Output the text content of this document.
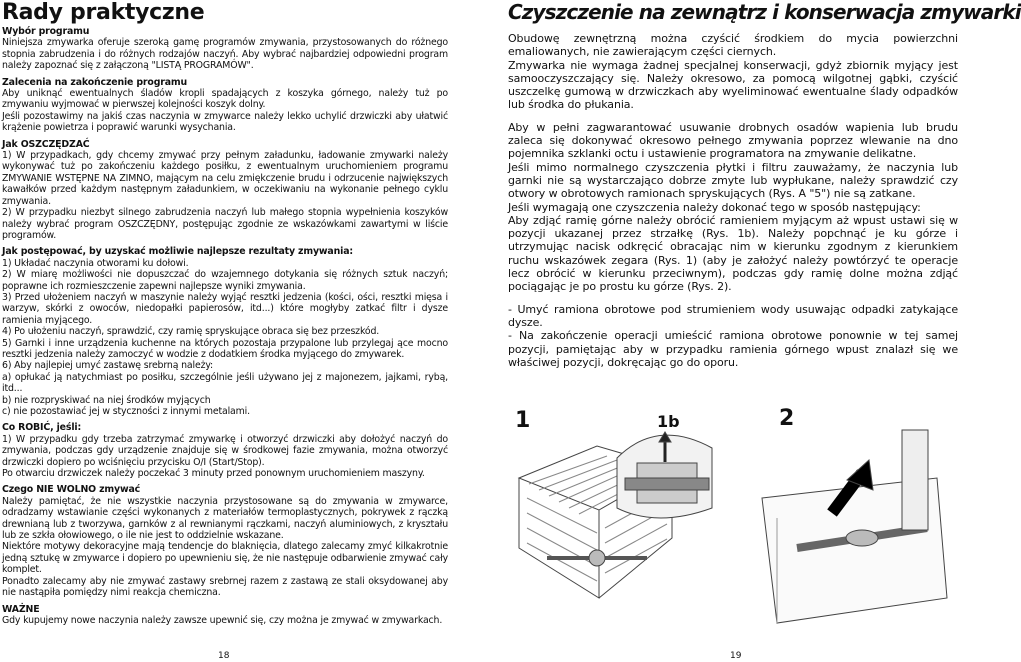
Rady praktyczne
Wybór programu

Niniejsza zmywarka oferuje szeroką gamę programów zmywania, przystosowanych do różnego stopnia zabrudzenia i do różnych rodzajów naczyń. Aby wybrać najbardziej odpowiedni program należy zapoznać się z załączoną "LISTĄ PROGRAMÓW".

Zalecenia na zakończenie programu

Aby uniknąć ewentualnych śladów kropli spadających z koszyka górnego, należy tuż po zmywaniu wyjmować w pierwszej kolejności koszyk dolny.

Jeśli pozostawimy na jakiś czas naczynia w zmywarce należy lekko uchylić drzwiczki aby ułatwić krążenie powietrza i poprawić warunki wysychania.

Jak OSZCZĘDZAĆ

1) W przypadkach, gdy chcemy zmywać przy pełnym załadunku, ładowanie zmywarki należy wykonywać tuż po zakończeniu każdego posiłku, z ewentualnym uruchomieniem programu ZMYWANIE WSTĘPNE NA ZIMNO, mającym na celu zmiękczenie brudu i odrzucenie największych kawałków przed każdym następnym załadunkiem, w oczekiwaniu na wykonanie pełnego cyklu zmywania.

2) W przypadku niezbyt silnego zabrudzenia naczyń lub małego stopnia wypełnienia koszyków należy wybrać program OSZCZĘDNY, postępując zgodnie ze wskazówkami zawartymi w liście programów.

Jak postępować, by uzyskać możliwie najlepsze rezultaty zmywania:

1) Układać naczynia otworami ku dołowi.

2) W miarę możliwości nie dopuszczać do wzajemnego dotykania się różnych sztuk naczyń; poprawne ich rozmieszczenie zapewni najlepsze wyniki zmywania.

3) Przed ułożeniem naczyń w maszynie należy wyjąć resztki jedzenia (kości, ości, resztki mięsa i warzyw, skórki z owoców, niedopałki papierosów, itd...) które mogłyby zatkać filtr i dysze ramienia myjącego.

4) Po ułożeniu naczyń, sprawdzić, czy ramię spryskujące obraca się bez przeszkód.

5) Garnki i inne urządzenia kuchenne na których pozostaja przypalone lub przylegaj ące mocno resztki jedzenia należy zamoczyć w wodzie z dodatkiem środka myjącego do zmywarek.

6) Aby najlepiej umyć zastawę srebrną należy:

a) opłukać ją natychmiast po posiłku, szczególnie jeśli używano jej z majonezem, jajkami, rybą, itd...

b) nie rozpryskiwać na niej środków myjących

c) nie pozostawiać jej w styczności z innymi metalami.

Co ROBIĆ, jeśli:

1) W przypadku gdy trzeba zatrzymać zmywarkę i otworzyć drzwiczki aby dołożyć naczyń do zmywania, podczas gdy urządzenie znajduje się w środkowej fazie zmywania, można otworzyć drzwiczki dopiero po wciśnięciu przycisku O/I (Start/Stop).

Po otwarciu drzwiczek należy poczekać 3 minuty przed ponownym uruchomieniem maszyny.

Czego NIE WOLNO zmywać

Należy pamiętać, że nie wszystkie naczynia przystosowane są do zmywania w zmywarce, odradzamy wstawianie części wykonanych z materiałów termoplastycznych, pokrywek z rączką drewnianą lub z tworzywa, garnków z al rewnianymi rączkami, naczyń aluminiowych, z kryształu lub ze szkła ołowiowego, o ile nie jest to oddzielnie wskazane.

Niektóre motywy dekoracyjne mają tendencje do blaknięcia, dlatego zalecamy zmyć kilkakrotnie jedną sztukę w zmywarce i dopiero po upewnieniu się, że nie następuje odbarwienie zmywać cały komplet.

Ponadto zalecamy aby nie zmywać zastawy srebrnej razem z zastawą ze stali oksydowanej aby nie nastąpiła pomiędzy nimi reakcja chemiczna.

WAŻNE

Gdy kupujemy nowe naczynia należy zawsze upewnić się, czy można je zmywać w zmywarkach.

18
Czyszczenie na zewnątrz i konserwacja zmywarki

Obudowę zewnętrzną można czyścić środkiem do mycia powierzchni emaliowanych, nie zawierającym części ciernych.

Zmywarka nie wymaga żadnej specjalnej konserwacji, gdyż zbiornik myjący jest samooczyszczający się. Należy okresowo, za pomocą wilgotnej gąbki, czyścić uszczelkę gumową w drzwiczkach aby wyeliminować ewentualne ślady odpadków lub środka do płukania.

Aby w pełni zagwarantować usuwanie drobnych osadów wapienia lub brudu zaleca się dokonywać okresowo pełnego zmywania poprzez wlewanie na dno pojemnika szklanki octu i ustawienie programatora na zmywanie delikatne.

Jeśli mimo normalnego czyszczenia płytki i filtru zauważamy, że naczynia lub garnki nie są wystarczająco dobrze zmyte lub wypłukane, należy sprawdzić czy otwory w obrotowych ramionach spryskujących (Rys. A "5") nie są zatkane.

Jeśli wymagają one czyszczenia należy dokonać tego w sposób następujący:

Aby zdjąć ramię górne należy obrócić ramieniem myjącym aż wpust ustawi się w pozycji ukazanej przez strzałkę (Rys. 1b). Należy popchnąć je ku górze i utrzymując nacisk odkręcić obracając nim w kierunku zgodnym z kierunkiem ruchu wskazówek zegara (Rys. 1) (aby je założyć należy powtórzyć te operacje lecz obrócić w kierunku przeciwnym), podczas gdy ramię dolne można zdjąć pociągając je po prostu ku górze (Rys. 2).

- Umyć ramiona obrotowe pod strumieniem wody usuwając odpadki zatykające dysze.

- Na zakończenie operacji umieścić ramiona obrotowe ponownie w tej samej pozycji, pamiętając aby w przypadku ramienia górnego wpust znalazł się we właściwej pozycji, dokręcając go do oporu.

19
1	1b	2
